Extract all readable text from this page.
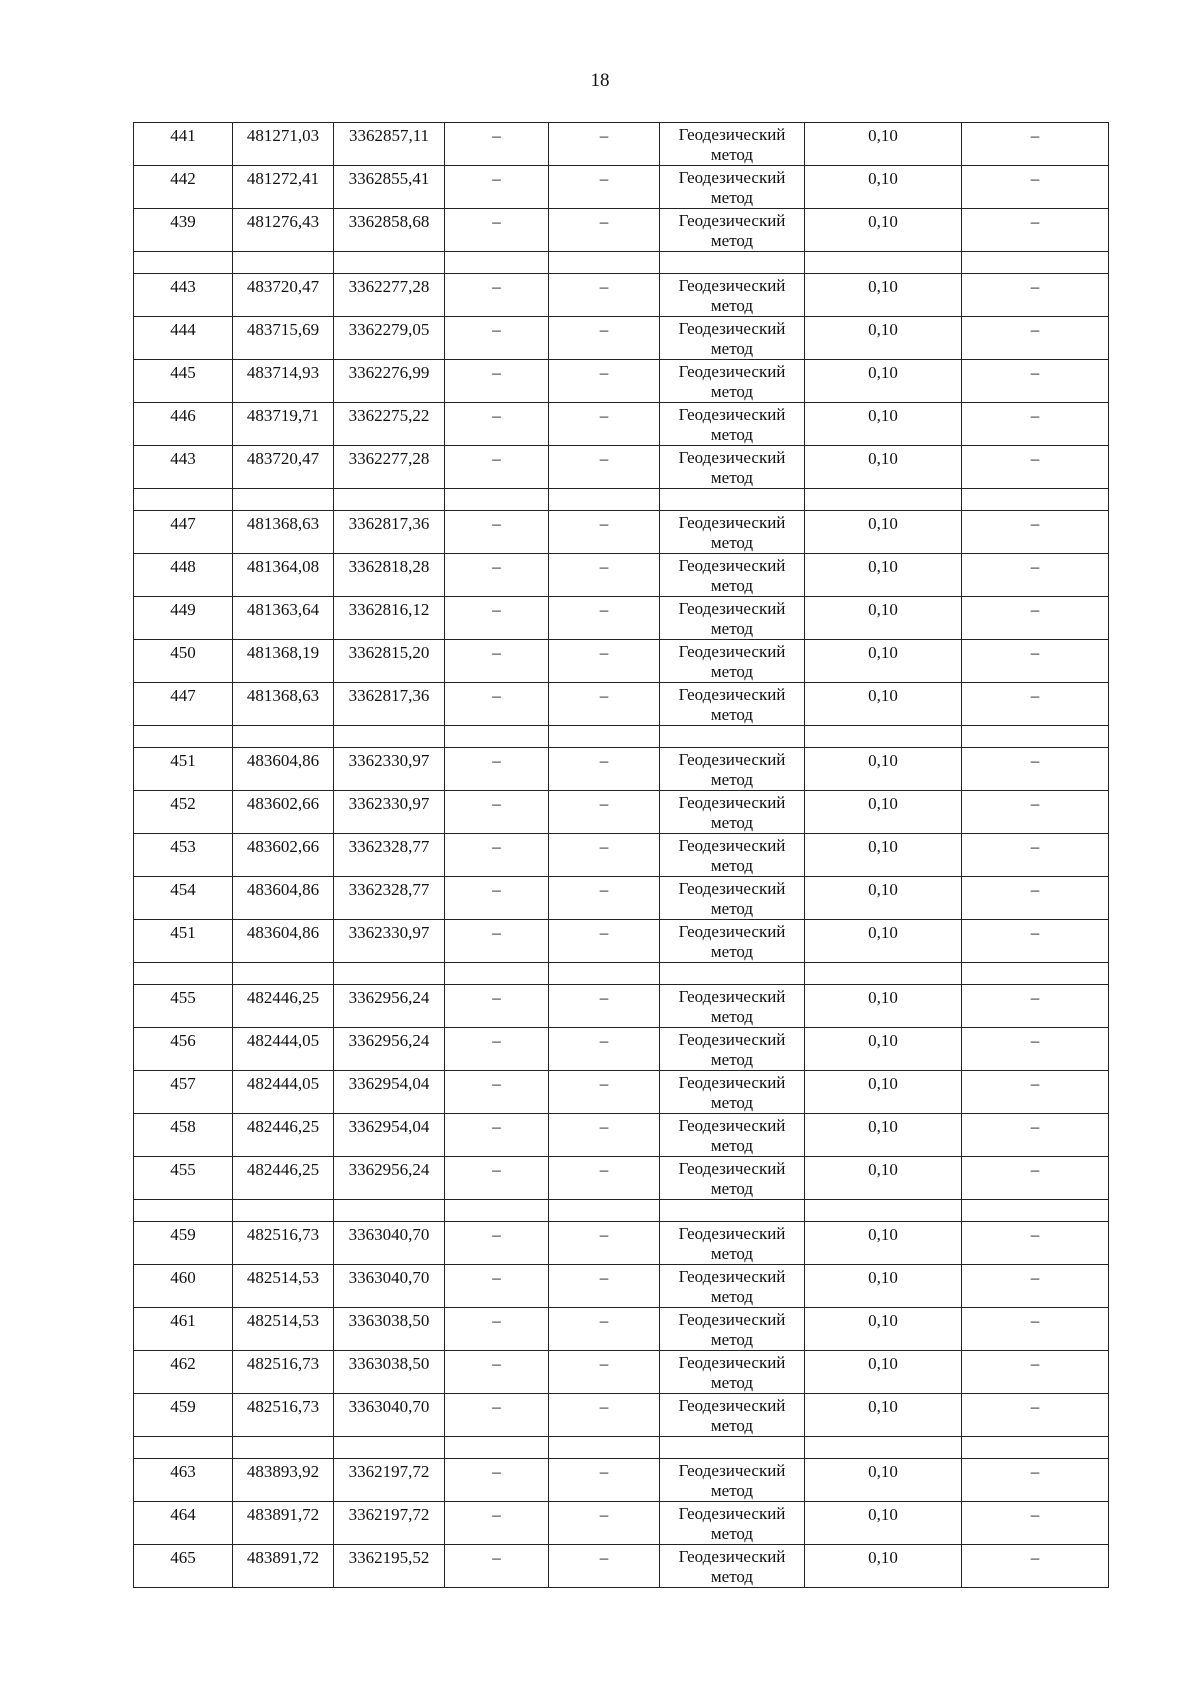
18
441	481271,03	3362857,11	–	–	Геодезический метод	0,10	–
442	481272,41	3362855,41	–	–	Геодезический метод	0,10	–
439	481276,43	3362858,68	–	–	Геодезический метод	0,10	–

443	483720,47	3362277,28	–	–	Геодезический метод	0,10	–
444	483715,69	3362279,05	–	–	Геодезический метод	0,10	–
445	483714,93	3362276,99	–	–	Геодезический метод	0,10	–
446	483719,71	3362275,22	–	–	Геодезический метод	0,10	–
443	483720,47	3362277,28	–	–	Геодезический метод	0,10	–

447	481368,63	3362817,36	–	–	Геодезический метод	0,10	–
448	481364,08	3362818,28	–	–	Геодезический метод	0,10	–
449	481363,64	3362816,12	–	–	Геодезический метод	0,10	–
450	481368,19	3362815,20	–	–	Геодезический метод	0,10	–
447	481368,63	3362817,36	–	–	Геодезический метод	0,10	–

451	483604,86	3362330,97	–	–	Геодезический метод	0,10	–
452	483602,66	3362330,97	–	–	Геодезический метод	0,10	–
453	483602,66	3362328,77	–	–	Геодезический метод	0,10	–
454	483604,86	3362328,77	–	–	Геодезический метод	0,10	–
451	483604,86	3362330,97	–	–	Геодезический метод	0,10	–

455	482446,25	3362956,24	–	–	Геодезический метод	0,10	–
456	482444,05	3362956,24	–	–	Геодезический метод	0,10	–
457	482444,05	3362954,04	–	–	Геодезический метод	0,10	–
458	482446,25	3362954,04	–	–	Геодезический метод	0,10	–
455	482446,25	3362956,24	–	–	Геодезический метод	0,10	–

459	482516,73	3363040,70	–	–	Геодезический метод	0,10	–
460	482514,53	3363040,70	–	–	Геодезический метод	0,10	–
461	482514,53	3363038,50	–	–	Геодезический метод	0,10	–
462	482516,73	3363038,50	–	–	Геодезический метод	0,10	–
459	482516,73	3363040,70	–	–	Геодезический метод	0,10	–

463	483893,92	3362197,72	–	–	Геодезический метод	0,10	–
464	483891,72	3362197,72	–	–	Геодезический метод	0,10	–
465	483891,72	3362195,52	–	–	Геодезический метод	0,10	–
